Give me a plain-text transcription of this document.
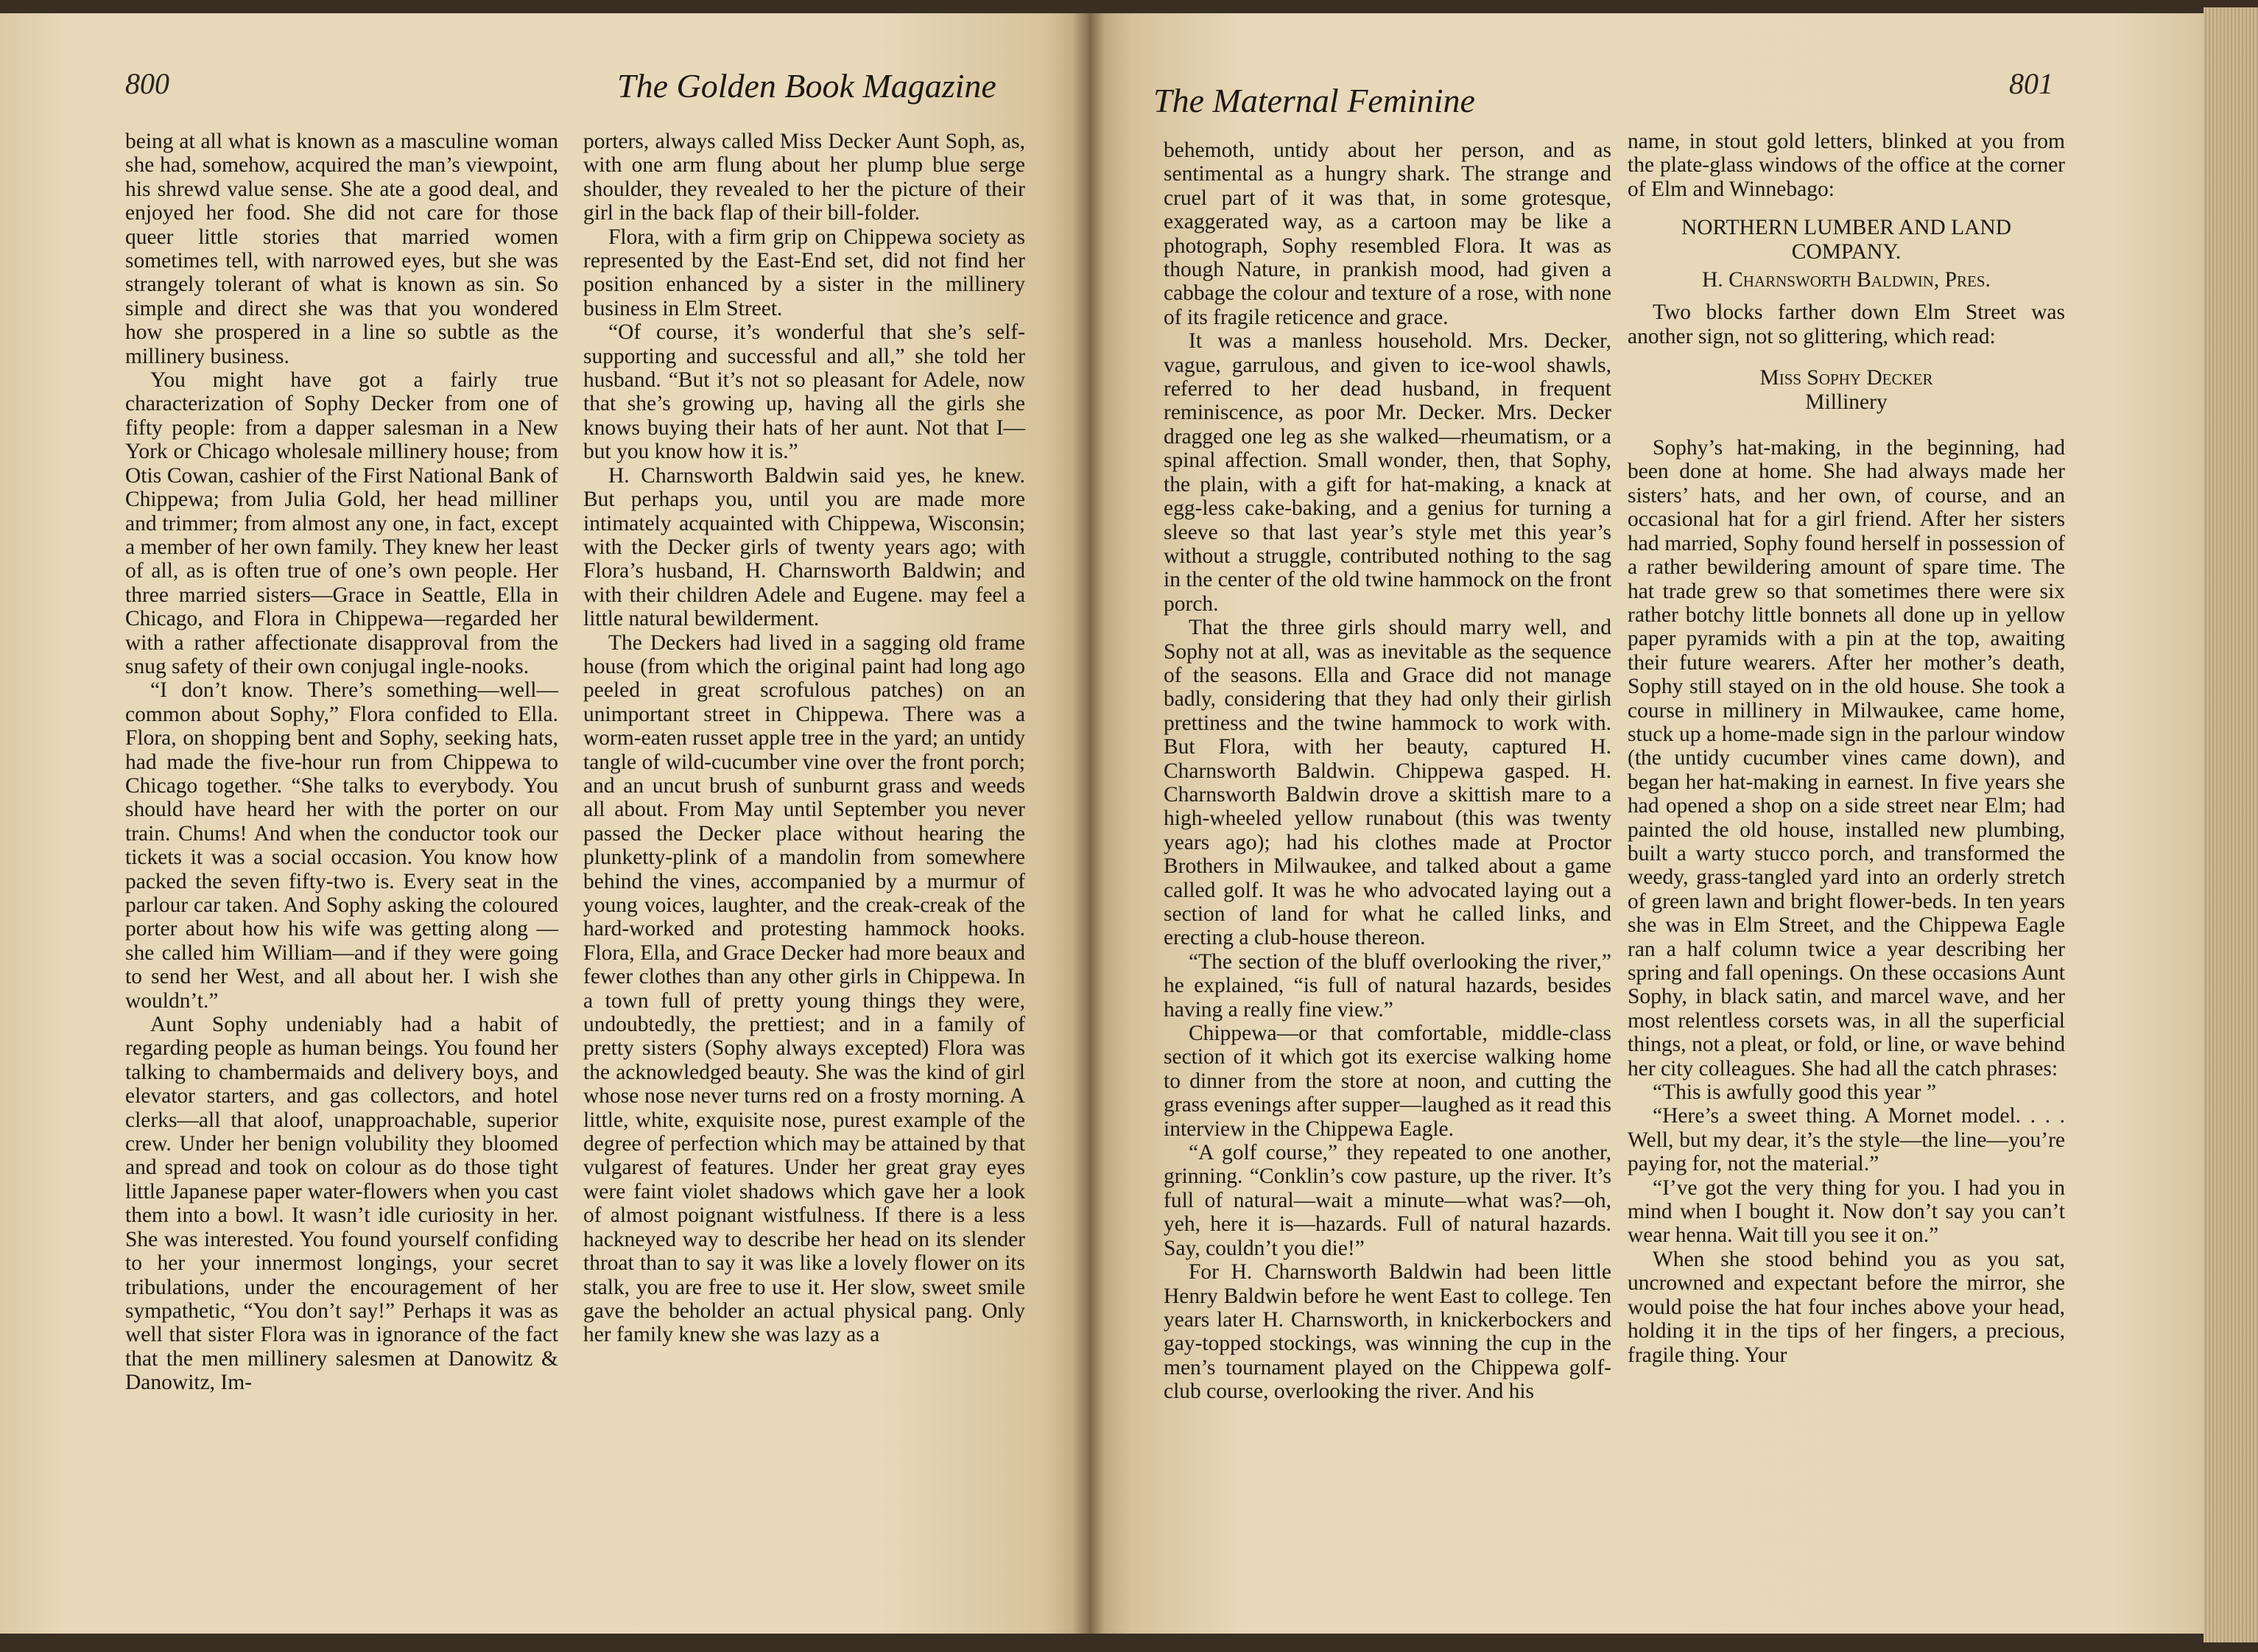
800	The Golden Book Magazine

being at all what is known as a masculine woman she had, somehow, acquired the man’s viewpoint, his shrewd value sense. She ate a good deal, and enjoyed her food. She did not care for those queer little stories that married women sometimes tell, with narrowed eyes, but she was strangely tolerant of what is known as sin. So simple and direct she was that you wondered how she prospered in a line so subtle as the millinery business.

You might have got a fairly true characterization of Sophy Decker from one of fifty people: from a dapper salesman in a New York or Chicago wholesale millinery house; from Otis Cowan, cashier of the First National Bank of Chippewa; from Julia Gold, her head milliner and trimmer; from almost any one, in fact, except a member of her own family. They knew her least of all, as is often true of one’s own people. Her three married sisters—Grace in Seattle, Ella in Chicago, and Flora in Chippewa—regarded her with a rather affectionate disapproval from the snug safety of their own conjugal ingle-nooks.

“I don’t know. There’s something—well—common about Sophy,” Flora confided to Ella. Flora, on shopping bent and Sophy, seeking hats, had made the five-hour run from Chippewa to Chicago together. “She talks to everybody. You should have heard her with the porter on our train. Chums! And when the conductor took our tickets it was a social occasion. You know how packed the seven fifty-two is. Every seat in the parlour car taken. And Sophy asking the coloured porter about how his wife was getting along —she called him William—and if they were going to send her West, and all about her. I wish she wouldn’t.”

Aunt Sophy undeniably had a habit of regarding people as human beings. You found her talking to chambermaids and delivery boys, and elevator starters, and gas collectors, and hotel clerks—all that aloof, unapproachable, superior crew. Under her benign volubility they bloomed and spread and took on colour as do those tight little Japanese paper water-flowers when you cast them into a bowl. It wasn’t idle curiosity in her. She was interested. You found yourself confiding to her your innermost longings, your secret tribulations, under the encouragement of her sympathetic, “You don’t say!” Perhaps it was as well that sister Flora was in ignorance of the fact that the men millinery salesmen at Danowitz & Danowitz, Im-

porters, always called Miss Decker Aunt Soph, as, with one arm flung about her plump blue serge shoulder, they revealed to her the picture of their girl in the back flap of their bill-folder.

Flora, with a firm grip on Chippewa society as represented by the East-End set, did not find her position enhanced by a sister in the millinery business in Elm Street.

“Of course, it’s wonderful that she’s self-supporting and successful and all,” she told her husband. “But it’s not so pleasant for Adele, now that she’s growing up, having all the girls she knows buying their hats of her aunt. Not that I— but you know how it is.”

H. Charnsworth Baldwin said yes, he knew. But perhaps you, until you are made more intimately acquainted with Chippewa, Wisconsin; with the Decker girls of twenty years ago; with Flora’s husband, H. Charnsworth Baldwin; and with their children Adele and Eugene. may feel a little natural bewilderment.

The Deckers had lived in a sagging old frame house (from which the original paint had long ago peeled in great scrofulous patches) on an unimportant street in Chippewa. There was a worm-eaten russet apple tree in the yard; an untidy tangle of wild-cucumber vine over the front porch; and an uncut brush of sunburnt grass and weeds all about. From May until September you never passed the Decker place without hearing the plunketty-plink of a mandolin from somewhere behind the vines, accompanied by a murmur of young voices, laughter, and the creak-creak of the hard-worked and protesting hammock hooks. Flora, Ella, and Grace Decker had more beaux and fewer clothes than any other girls in Chippewa. In a town full of pretty young things they were, undoubtedly, the prettiest; and in a family of pretty sisters (Sophy always excepted) Flora was the acknowledged beauty. She was the kind of girl whose nose never turns red on a frosty morning. A little, white, exquisite nose, purest example of the degree of perfection which may be attained by that vulgarest of features. Under her great gray eyes were faint violet shadows which gave her a look of almost poignant wistfulness. If there is a less hackneyed way to describe her head on its slender throat than to say it was like a lovely flower on its stalk, you are free to use it. Her slow, sweet smile gave the beholder an actual physical pang. Only her family knew she was lazy as a

The Maternal Feminine	801

behemoth, untidy about her person, and as sentimental as a hungry shark. The strange and cruel part of it was that, in some grotesque, exaggerated way, as a cartoon may be like a photograph, Sophy resembled Flora. It was as though Nature, in prankish mood, had given a cabbage the colour and texture of a rose, with none of its fragile reticence and grace.

It was a manless household. Mrs. Decker, vague, garrulous, and given to ice-wool shawls, referred to her dead husband, in frequent reminiscence, as poor Mr. Decker. Mrs. Decker dragged one leg as she walked—rheumatism, or a spinal affection. Small wonder, then, that Sophy, the plain, with a gift for hat-making, a knack at egg-less cake-baking, and a genius for turning a sleeve so that last year’s style met this year’s without a struggle, contributed nothing to the sag in the center of the old twine hammock on the front porch.

That the three girls should marry well, and Sophy not at all, was as inevitable as the sequence of the seasons. Ella and Grace did not manage badly, considering that they had only their girlish prettiness and the twine hammock to work with. But Flora, with her beauty, captured H. Charnsworth Baldwin. Chippewa gasped. H. Charnsworth Baldwin drove a skittish mare to a high-wheeled yellow runabout (this was twenty years ago); had his clothes made at Proctor Brothers in Milwaukee, and talked about a game called golf. It was he who advocated laying out a section of land for what he called links, and erecting a club-house thereon.

“The section of the bluff overlooking the river,” he explained, “is full of natural hazards, besides having a really fine view.”

Chippewa—or that comfortable, middle-class section of it which got its exercise walking home to dinner from the store at noon, and cutting the grass evenings after supper—laughed as it read this interview in the Chippewa Eagle.

“A golf course,” they repeated to one another, grinning. “Conklin’s cow pasture, up the river. It’s full of natural—wait a minute—what was?—oh, yeh, here it is—hazards. Full of natural hazards. Say, couldn’t you die!”

For H. Charnsworth Baldwin had been little Henry Baldwin before he went East to college. Ten years later H. Charnsworth, in knickerbockers and gay-topped stockings, was winning the cup in the men’s tournament played on the Chippewa golf-club course, overlooking the river. And his

name, in stout gold letters, blinked at you from the plate-glass windows of the office at the corner of Elm and Winnebago:

NORTHERN LUMBER AND LAND
COMPANY.
H. Charnsworth Baldwin, Pres.

Two blocks farther down Elm Street was another sign, not so glittering, which read:

Miss Sophy Decker
Millinery

Sophy’s hat-making, in the beginning, had been done at home. She had always made her sisters’ hats, and her own, of course, and an occasional hat for a girl friend. After her sisters had married, Sophy found herself in possession of a rather bewildering amount of spare time. The hat trade grew so that sometimes there were six rather botchy little bonnets all done up in yellow paper pyramids with a pin at the top, awaiting their future wearers. After her mother’s death, Sophy still stayed on in the old house. She took a course in millinery in Milwaukee, came home, stuck up a home-made sign in the parlour window (the untidy cucumber vines came down), and began her hat-making in earnest. In five years she had opened a shop on a side street near Elm; had painted the old house, installed new plumbing, built a warty stucco porch, and transformed the weedy, grass-tangled yard into an orderly stretch of green lawn and bright flower-beds. In ten years she was in Elm Street, and the Chippewa Eagle ran a half column twice a year describing her spring and fall openings. On these occasions Aunt Sophy, in black satin, and marcel wave, and her most relentless corsets was, in all the superficial things, not a pleat, or fold, or line, or wave behind her city colleagues. She had all the catch phrases:

“This is awfully good this year ”

“Here’s a sweet thing. A Mornet model. . . . Well, but my dear, it’s the style—the line—you’re paying for, not the material.”

“I’ve got the very thing for you. I had you in mind when I bought it. Now don’t say you can’t wear henna. Wait till you see it on.”

When she stood behind you as you sat, uncrowned and expectant before the mirror, she would poise the hat four inches above your head, holding it in the tips of her fingers, a precious, fragile thing. Your
